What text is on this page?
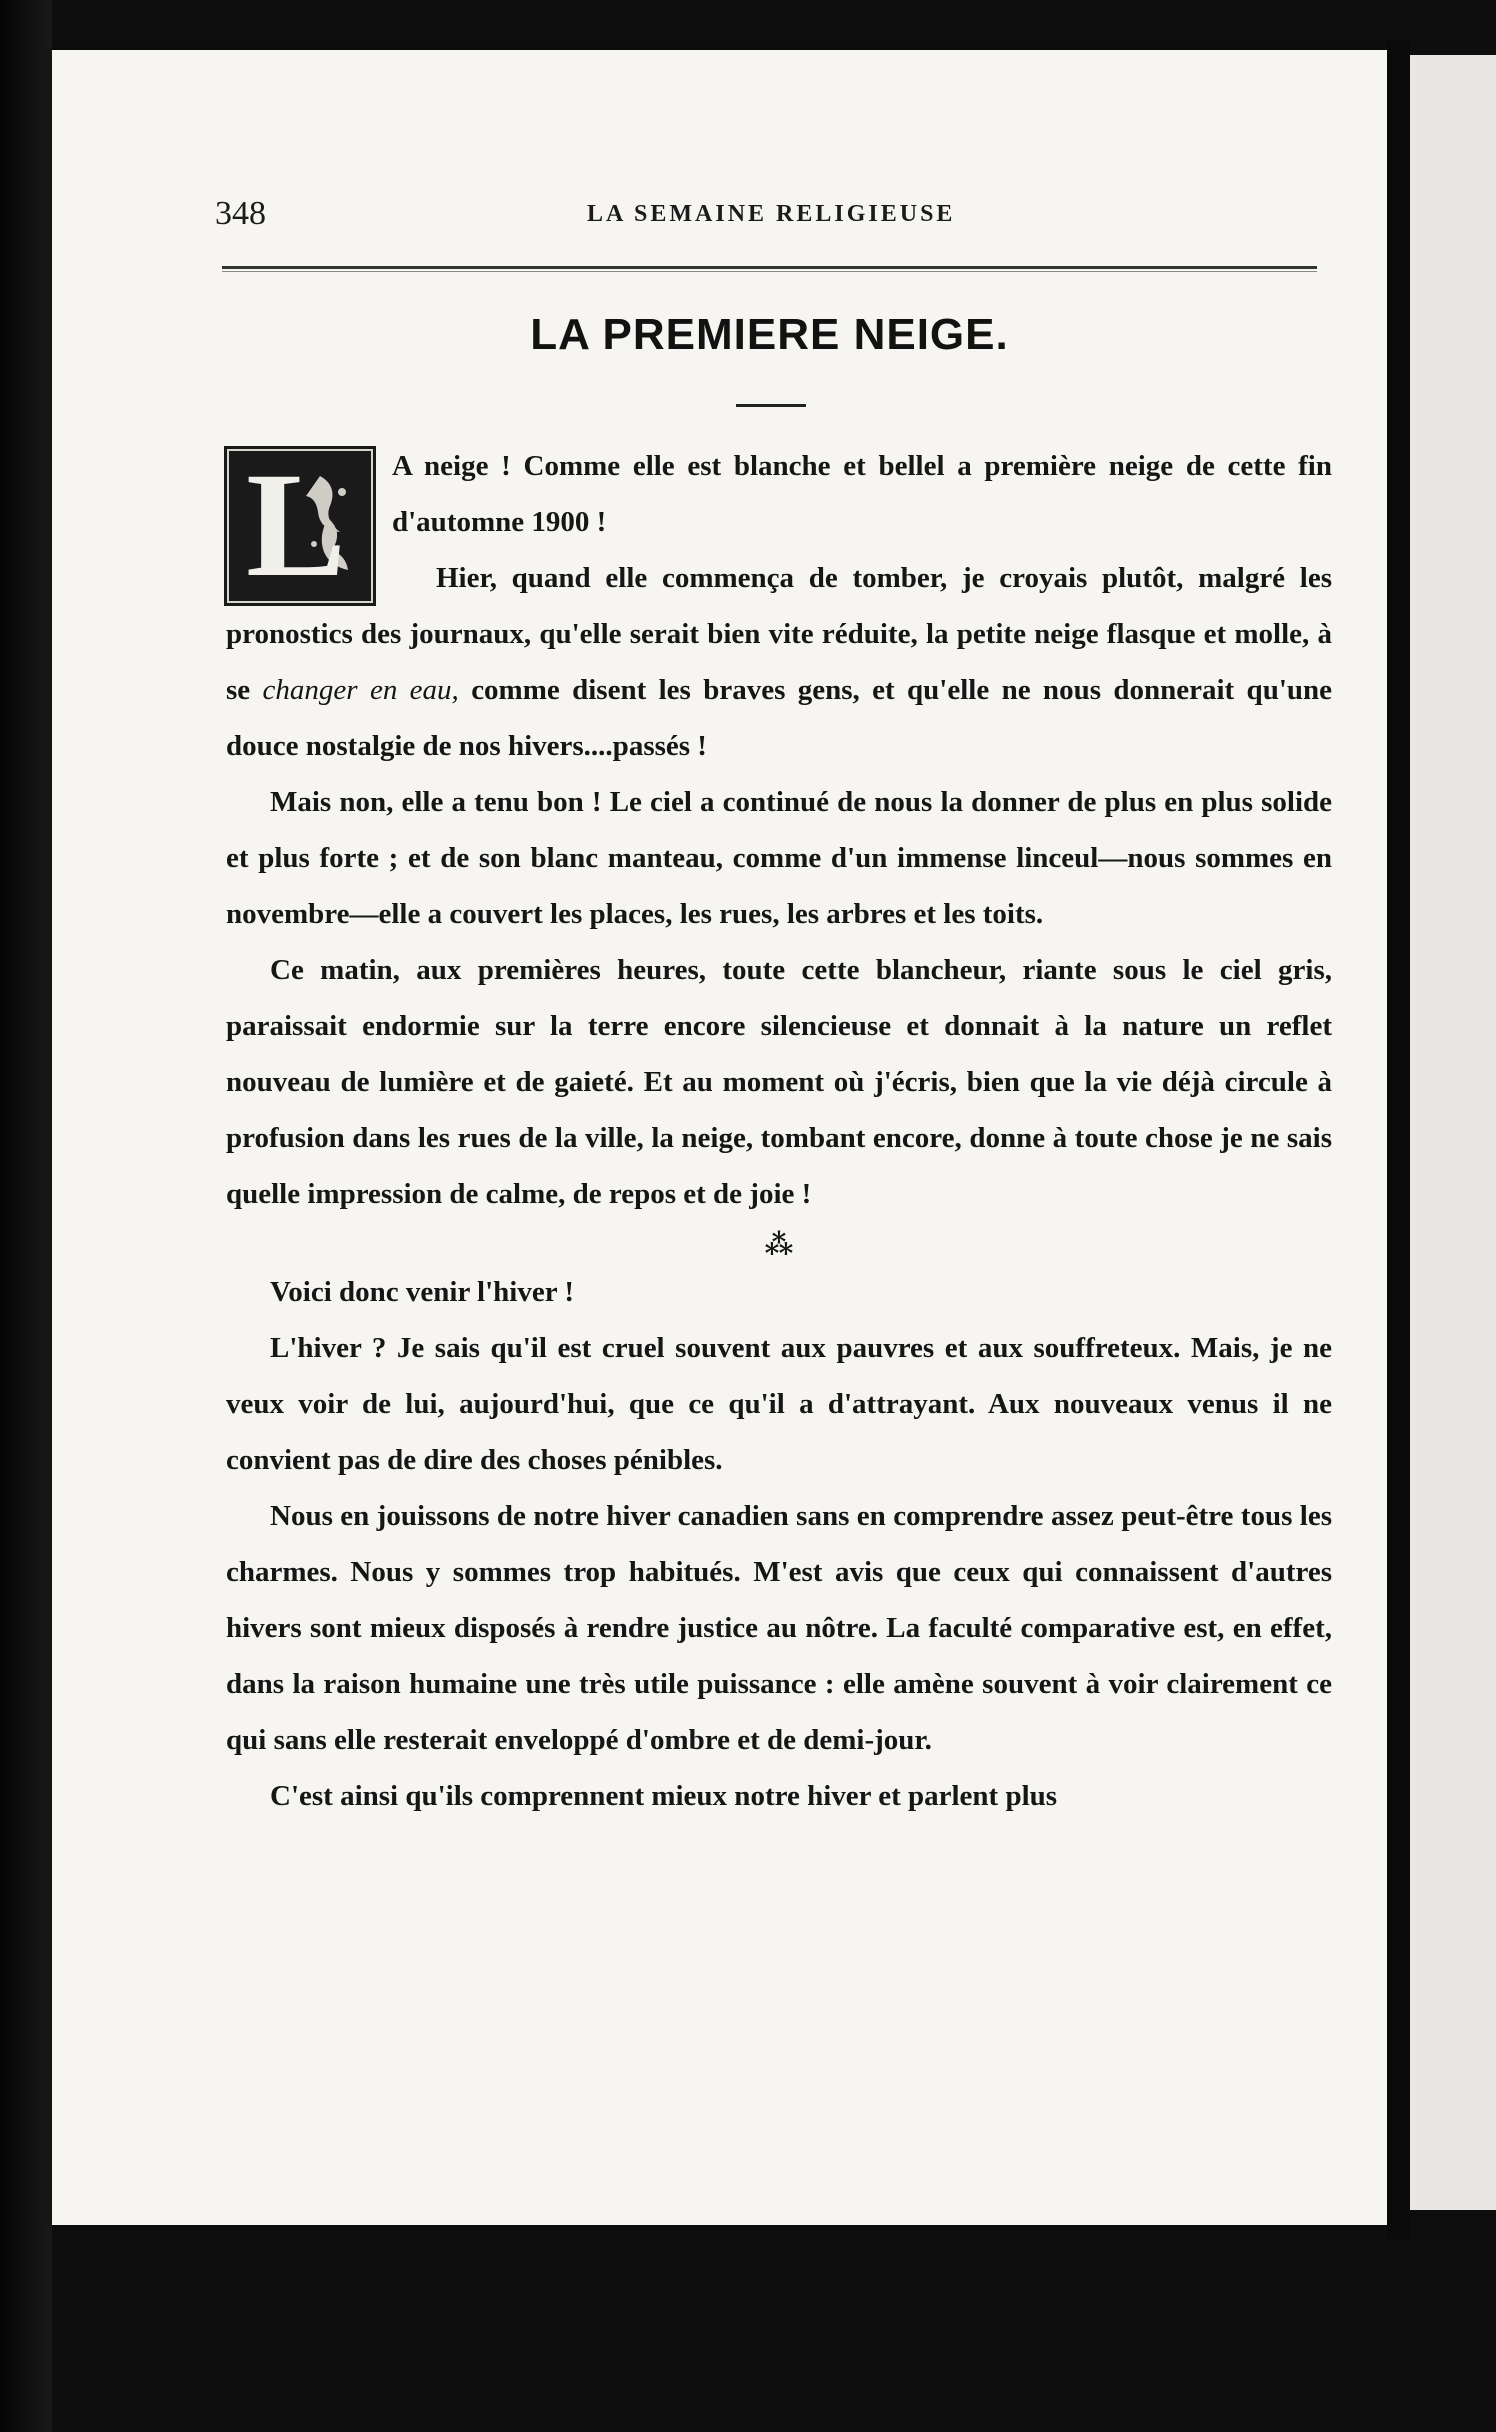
348	LA SEMAINE RELIGIEUSE
LA PREMIERE NEIGE.
L	A neige ! Comme elle est blanche et bellel a première neige de cette fin d'automne 1900 !

Hier, quand elle commença de tomber, je croyais plutôt, malgré les pronostics des journaux, qu'elle serait bien vite réduite, la petite neige flasque et molle, à se changer en eau, comme disent les braves gens, et qu'elle ne nous donnerait qu'une douce nostalgie de nos hivers....passés !

Mais non, elle a tenu bon ! Le ciel a continué de nous la donner de plus en plus solide et plus forte ; et de son blanc manteau, comme d'un immense linceul—nous sommes en novembre—elle a couvert les places, les rues, les arbres et les toits.

Ce matin, aux premières heures, toute cette blancheur, riante sous le ciel gris, paraissait endormie sur la terre encore silencieuse et donnait à la nature un reflet nouveau de lumière et de gaieté. Et au moment où j'écris, bien que la vie déjà circule à profusion dans les rues de la ville, la neige, tombant encore, donne à toute chose je ne sais quelle impression de calme, de repos et de joie !

⁂

Voici donc venir l'hiver !

L'hiver ? Je sais qu'il est cruel souvent aux pauvres et aux souffreteux. Mais, je ne veux voir de lui, aujourd'hui, que ce qu'il a d'attrayant. Aux nouveaux venus il ne convient pas de dire des choses pénibles.

Nous en jouissons de notre hiver canadien sans en comprendre assez peut-être tous les charmes. Nous y sommes trop habitués. M'est avis que ceux qui connaissent d'autres hivers sont mieux disposés à rendre justice au nôtre. La faculté comparative est, en effet, dans la raison humaine une très utile puissance : elle amène souvent à voir clairement ce qui sans elle resterait enveloppé d'ombre et de demi-jour.

C'est ainsi qu'ils comprennent mieux notre hiver et parlent plus
